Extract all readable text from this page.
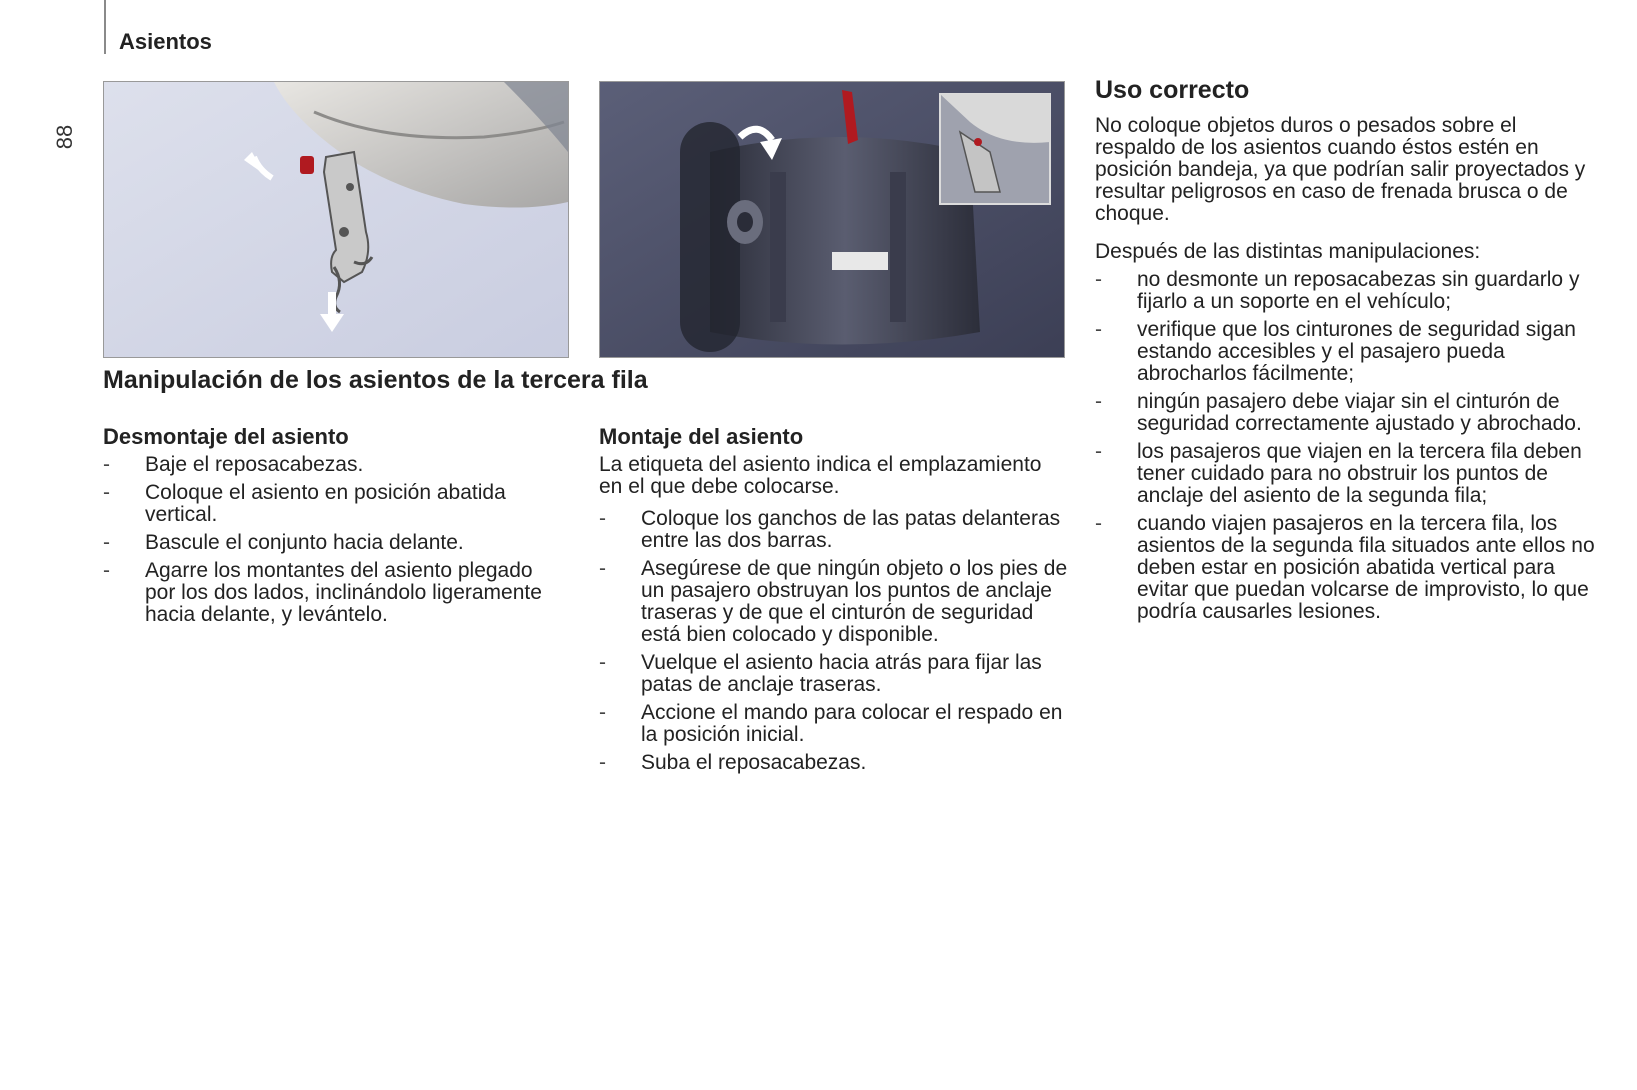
Asientos
88
Manipulación de los asientos de la tercera fila
Desmontaje del asiento
- Baje el reposacabezas.
- Coloque el asiento en posición abatida vertical.
- Bascule el conjunto hacia delante.
- Agarre los montantes del asiento plegado por los dos lados, inclinándolo ligeramente hacia delante, y levántelo.
Montaje del asiento

La etiqueta del asiento indica el emplazamiento en el que debe colocarse.

- Coloque los ganchos de las patas delanteras entre las dos barras.
- Asegúrese de que ningún objeto o los pies de un pasajero obstruyan los puntos de anclaje traseras y de que el cinturón de seguridad está bien colocado y disponible.
- Vuelque el asiento hacia atrás para fijar las patas de anclaje traseras.
- Accione el mando para colocar el respado en la posición inicial.
- Suba el reposacabezas.
Uso correcto

No coloque objetos duros o pesados sobre el respaldo de los asientos cuando éstos estén en posición bandeja, ya que podrían salir proyectados y resultar peligrosos en caso de frenada brusca o de choque.

Después de las distintas manipulaciones:

- no desmonte un reposacabezas sin guardarlo y fijarlo a un soporte en el vehículo;
- verifique que los cinturones de seguridad sigan estando accesibles y el pasajero pueda abrocharlos fácilmente;
- ningún pasajero debe viajar sin el cinturón de seguridad correctamente ajustado y abrochado.
- los pasajeros que viajen en la tercera fila deben tener cuidado para no obstruir los puntos de anclaje del asiento de la segunda fila;
- cuando viajen pasajeros en la tercera fila, los asientos de la segunda fila situados ante ellos no deben estar en posición abatida vertical para evitar que puedan volcarse de improvisto, lo que podría causarles lesiones.
